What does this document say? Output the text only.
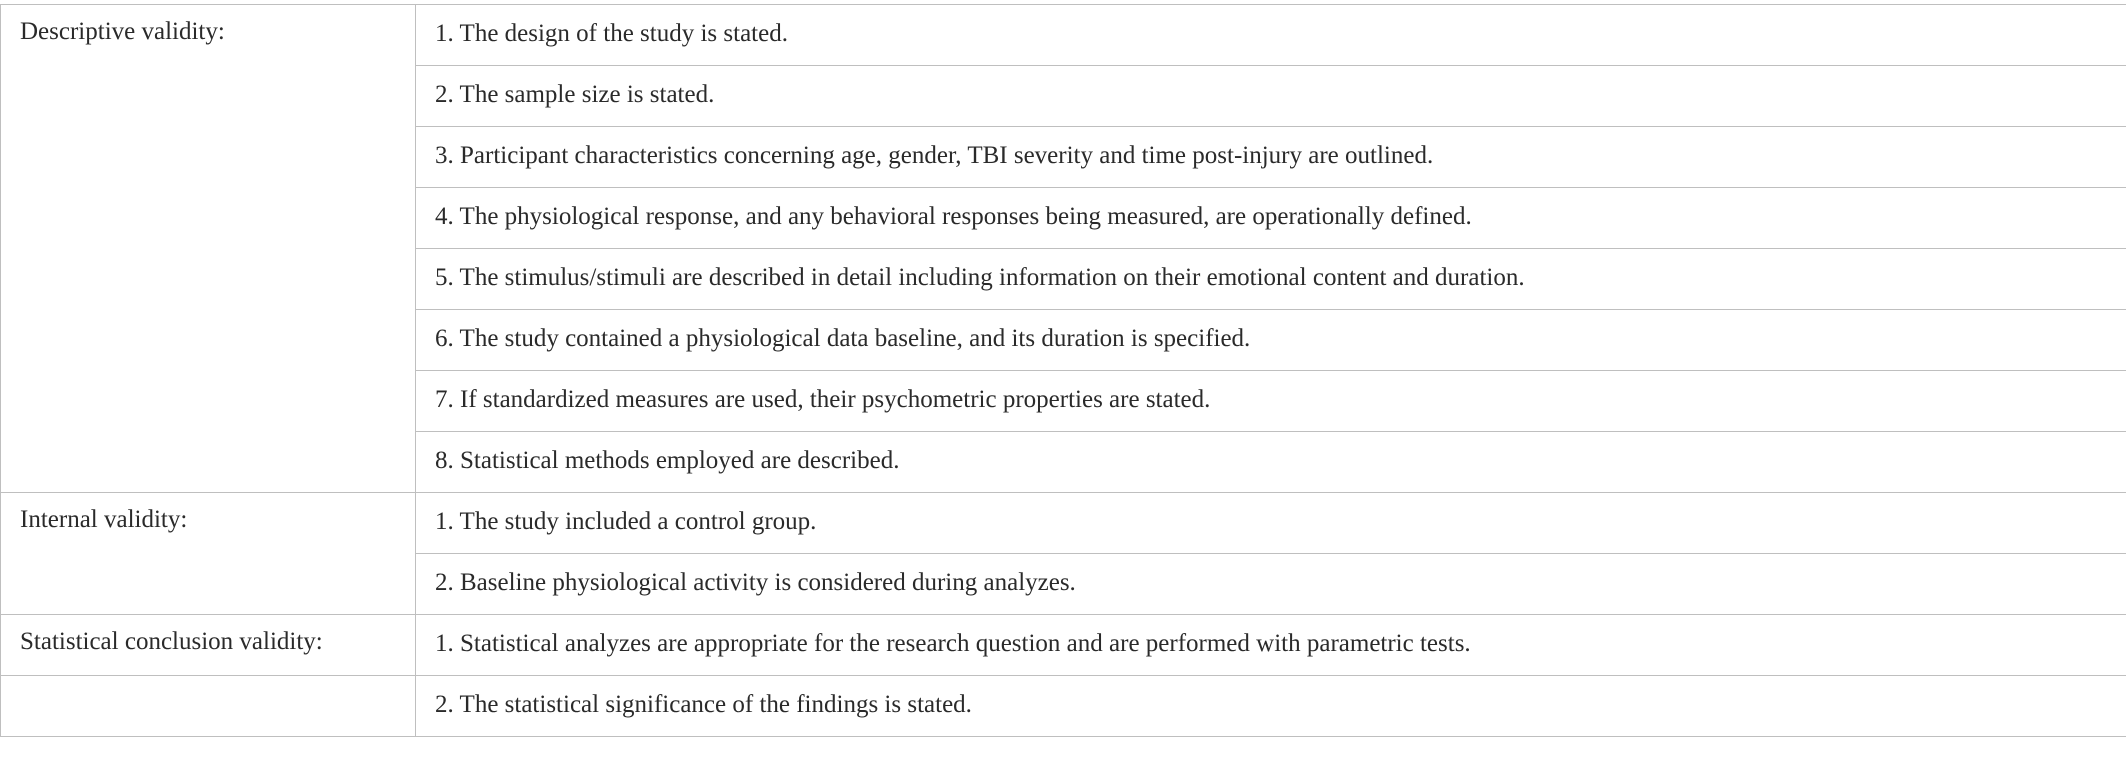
Descriptive validity:	1. The design of the study is stated.
	2. The sample size is stated.
	3. Participant characteristics concerning age, gender, TBI severity and time post-injury are outlined.
	4. The physiological response, and any behavioral responses being measured, are operationally defined.
	5. The stimulus/stimuli are described in detail including information on their emotional content and duration.
	6. The study contained a physiological data baseline, and its duration is specified.
	7. If standardized measures are used, their psychometric properties are stated.
	8. Statistical methods employed are described.
Internal validity:	1. The study included a control group.
	2. Baseline physiological activity is considered during analyzes.
Statistical conclusion validity:	1. Statistical analyzes are appropriate for the research question and are performed with parametric tests.
	2. The statistical significance of the findings is stated.
